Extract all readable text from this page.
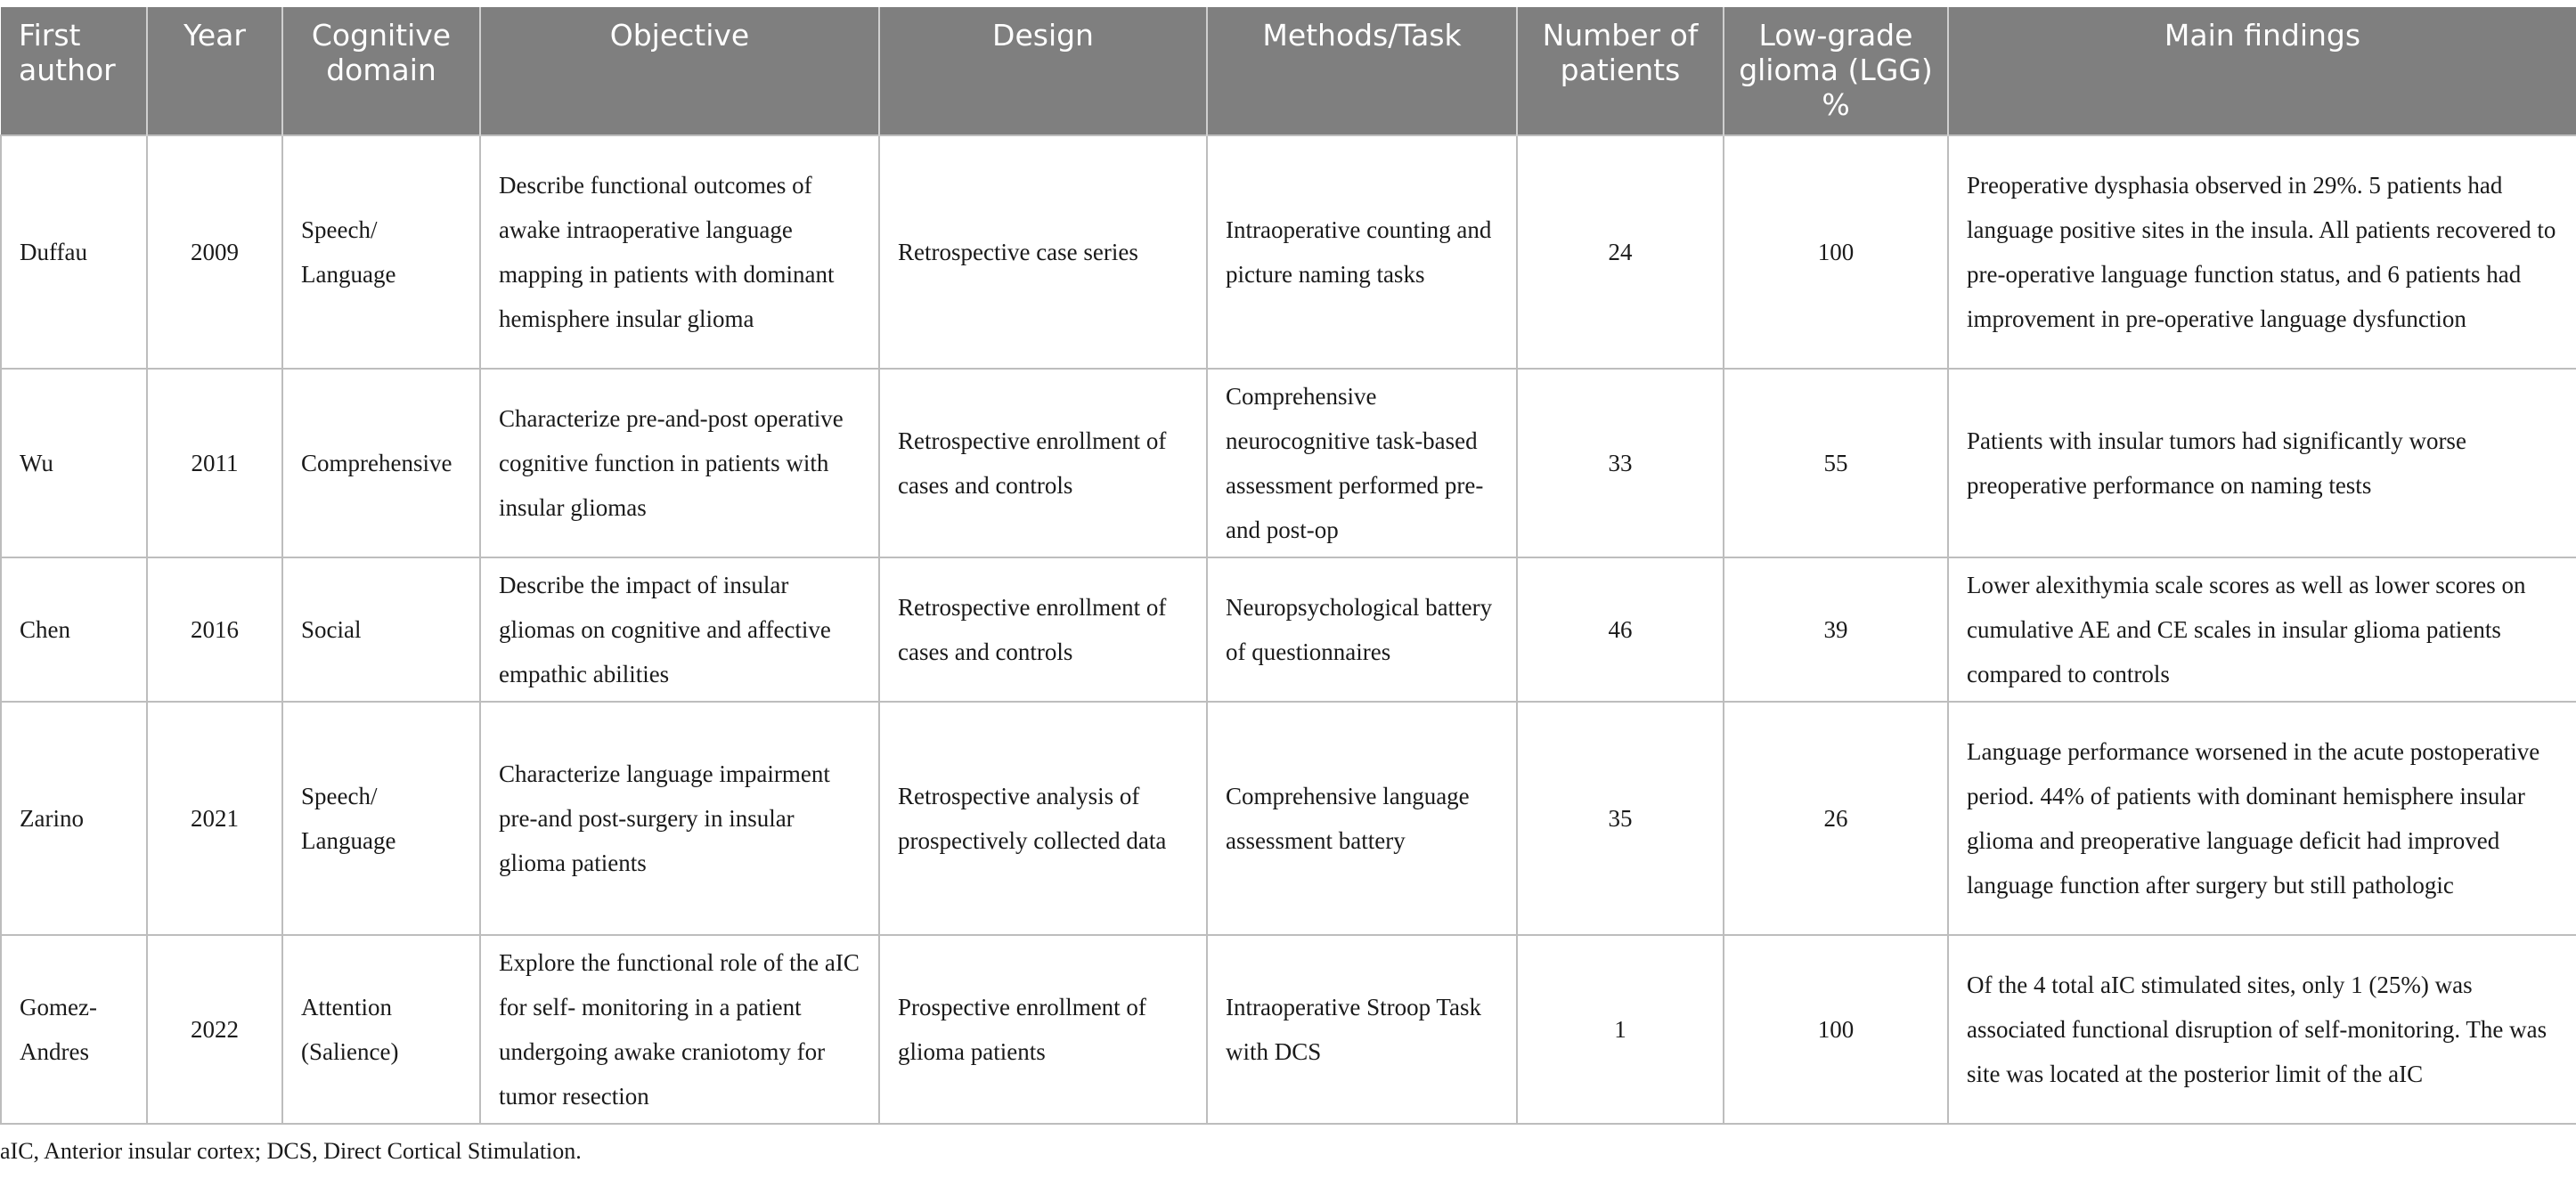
First author	Year	Cognitive domain	Objective	Design	Methods/Task	Number of patients	Low-grade glioma (LGG) %	Main findings
Duffau	2009	Speech/ Language	Describe functional outcomes of awake intraoperative language mapping in patients with dominant hemisphere insular glioma	Retrospective case series	Intraoperative counting and picture naming tasks	24	100	Preoperative dysphasia observed in 29%. 5 patients had language positive sites in the insula. All patients recovered to pre-operative language function status, and 6 patients had improvement in pre-operative language dysfunction
Wu	2011	Comprehensive	Characterize pre-and-post operative cognitive function in patients with insular gliomas	Retrospective enrollment of cases and controls	Comprehensive neurocognitive task-based assessment performed pre-and post-op	33	55	Patients with insular tumors had significantly worse preoperative performance on naming tests
Chen	2016	Social	Describe the impact of insular gliomas on cognitive and affective empathic abilities	Retrospective enrollment of cases and controls	Neuropsychological battery of questionnaires	46	39	Lower alexithymia scale scores as well as lower scores on cumulative AE and CE scales in insular glioma patients compared to controls
Zarino	2021	Speech/ Language	Characterize language impairment pre-and post-surgery in insular glioma patients	Retrospective analysis of prospectively collected data	Comprehensive language assessment battery	35	26	Language performance worsened in the acute postoperative period. 44% of patients with dominant hemisphere insular glioma and preoperative language deficit had improved language function after surgery but still pathologic
Gomez-Andres	2022	Attention (Salience)	Explore the functional role of the aIC for self- monitoring in a patient undergoing awake craniotomy for tumor resection	Prospective enrollment of glioma patients	Intraoperative Stroop Task with DCS	1	100	Of the 4 total aIC stimulated sites, only 1 (25%) was associated functional disruption of self-monitoring. The was site was located at the posterior limit of the aIC
aIC, Anterior insular cortex; DCS, Direct Cortical Stimulation.
